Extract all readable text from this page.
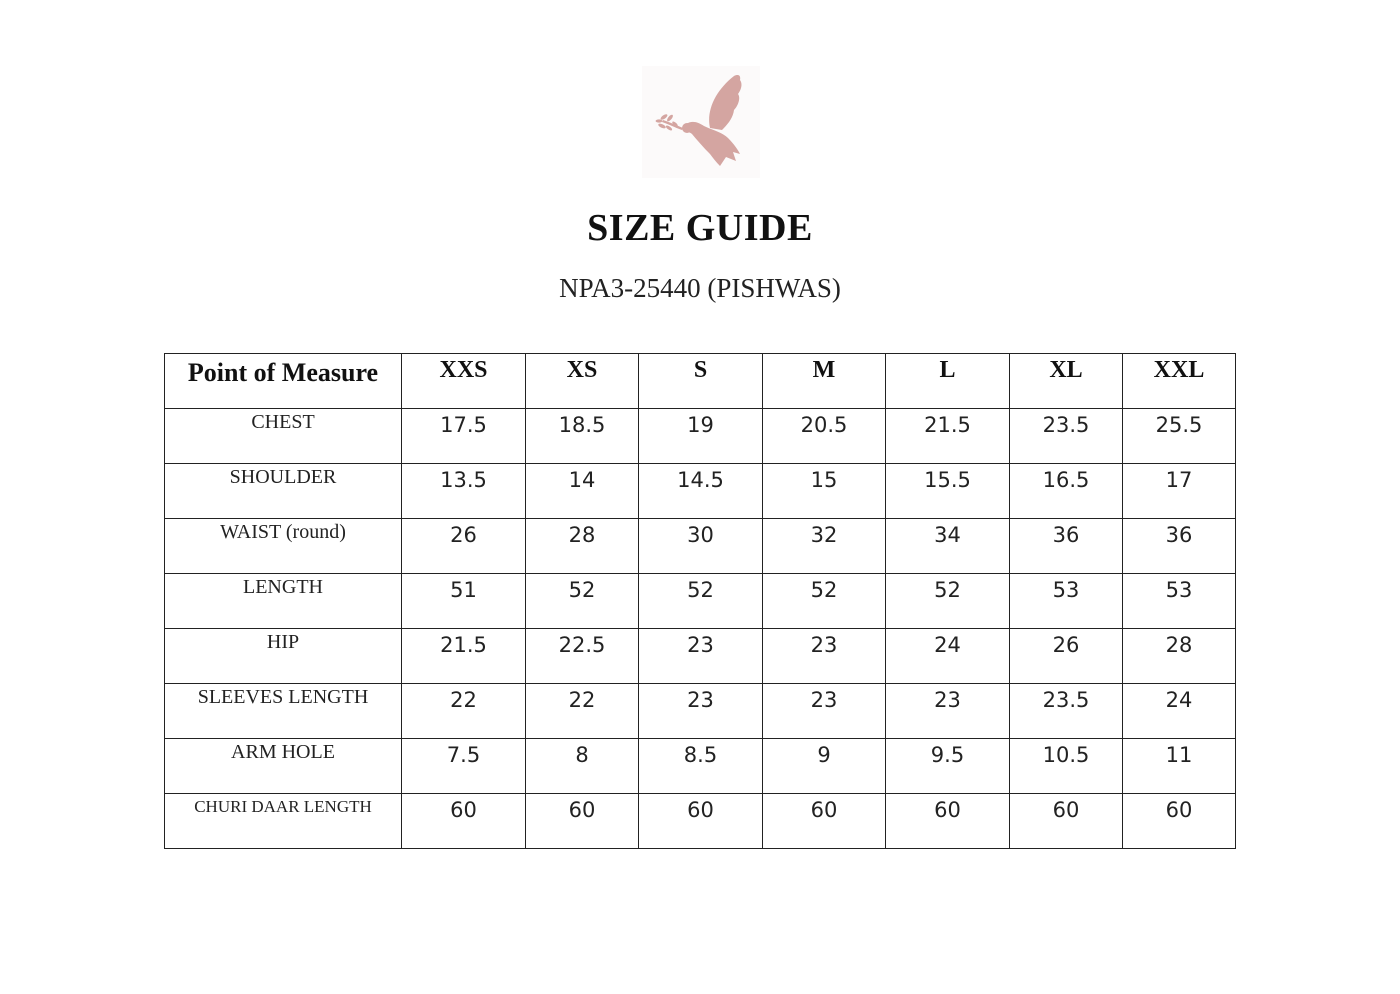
SIZE GUIDE
NPA3-25440 (PISHWAS)
Point of Measure	XXS	XS	S	M	L	XL	XXL
CHEST	17.5	18.5	19	20.5	21.5	23.5	25.5
SHOULDER	13.5	14	14.5	15	15.5	16.5	17
WAIST (round)	26	28	30	32	34	36	36
LENGTH	51	52	52	52	52	53	53
HIP	21.5	22.5	23	23	24	26	28
SLEEVES LENGTH	22	22	23	23	23	23.5	24
ARM HOLE	7.5	8	8.5	9	9.5	10.5	11
CHURI DAAR LENGTH	60	60	60	60	60	60	60
